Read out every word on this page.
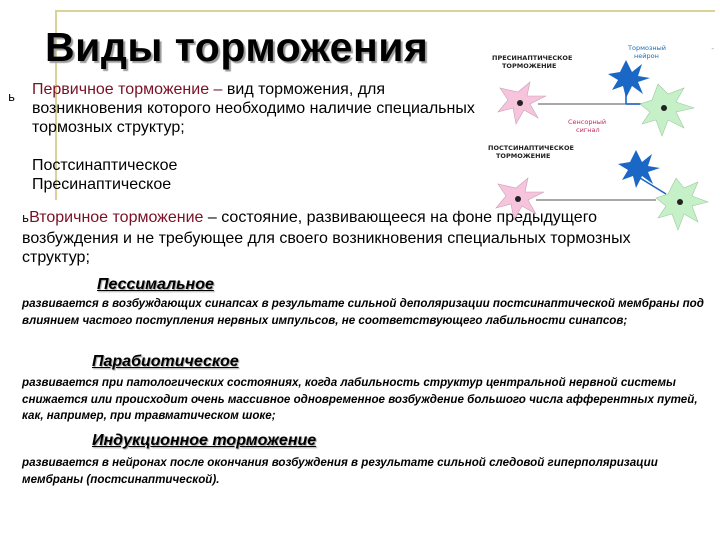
-
Виды торможения
ь Первичное торможение – вид торможения, для возникновения которого необходимо наличие специальных тормозных структур;
Постсинаптическое
Пресинаптическое
ьВторичное торможение – состояние, развивающееся на фоне предыдущего возбуждения и не требующее для своего возникновения специальных тормозных структур;
Пессимальное
развивается в возбуждающих синапсах в результате сильной деполяризации постсинаптической мембраны под влиянием частого поступления нервных импульсов, не соответствующего лабильности синапсов;
Парабиотическое
развивается при патологических состояниях, когда лабильность структур центральной нервной системы снижается или происходит очень массивное одновременное возбуждение большого числа афферентных путей, как, например, при травматическом шоке;
Индукционное торможение
развивается в нейронах после окончания возбуждения в результате сильной следовой гиперполяризации мембраны (постсинаптической).
ПРЕСИНАПТИЧЕСКОЕ
ТОРМОЖЕНИЕ
Тормозный
нейрон
Сенсорный
сигнал
ПОСТСИНАПТИЧЕСКОЕ
ТОРМОЖЕНИЕ
